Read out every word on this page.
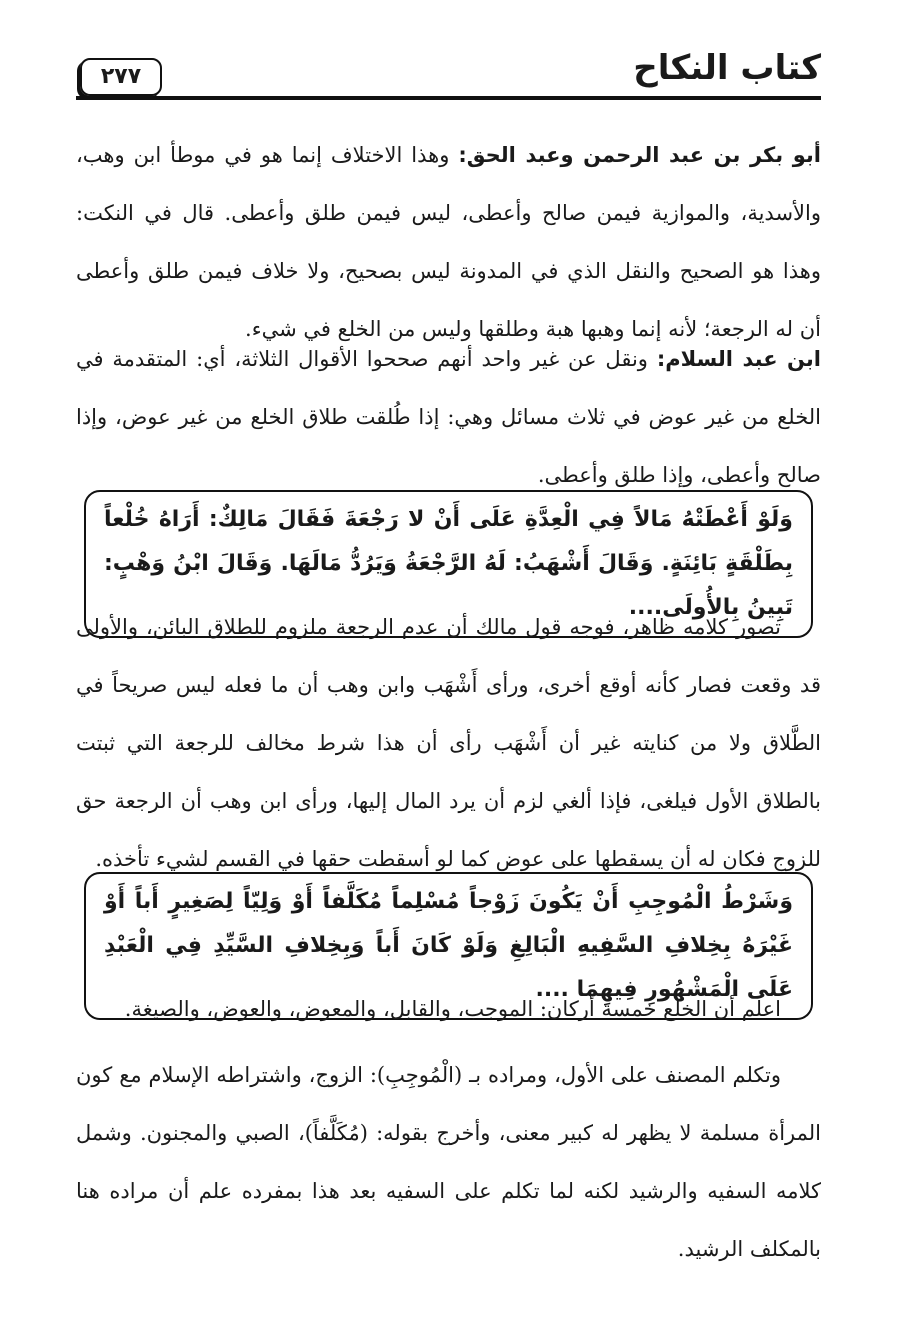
كتاب النكاح
٢٧٧
أبو بكر بن عبد الرحمن وعبد الحق: وهذا الاختلاف إنما هو في موطأ ابن وهب، والأسدية، والموازية فيمن صالح وأعطى، ليس فيمن طلق وأعطى. قال في النكت: وهذا هو الصحيح والنقل الذي في المدونة ليس بصحيح، ولا خلاف فيمن طلق وأعطى أن له الرجعة؛ لأنه إنما وهبها هبة وطلقها وليس من الخلع في شيء.
ابن عبد السلام: ونقل عن غير واحد أنهم صححوا الأقوال الثلاثة، أي: المتقدمة في الخلع من غير عوض في ثلاث مسائل وهي: إذا طُلقت طلاق الخلع من غير عوض، وإذا صالح وأعطى، وإذا طلق وأعطى.
وَلَوْ أَعْطَتْهُ مَالاً فِي الْعِدَّةِ عَلَى أَنْ لا رَجْعَةَ فَقَالَ مَالِكٌ: أَرَاهُ خُلْعاً بِطَلْقَةٍ بَائِنَةٍ. وَقَالَ أَشْهَبُ: لَهُ الرَّجْعَةُ وَيَرُدُّ مَالَهَا. وَقَالَ ابْنُ وَهْبٍ: تَبِينُ بِالأُولَى....
تصور كلامه ظاهر، فوجه قول مالك أن عدم الرجعة ملزوم للطلاق البائن، والأولى قد وقعت فصار كأنه أوقع أخرى، ورأى أَشْهَب وابن وهب أن ما فعله ليس صريحاً في الطَّلاق ولا من كنايته غير أن أَشْهَب رأى أن هذا شرط مخالف للرجعة التي ثبتت بالطلاق الأول فيلغى، فإذا ألغي لزم أن يرد المال إليها، ورأى ابن وهب أن الرجعة حق للزوج فكان له أن يسقطها على عوض كما لو أسقطت حقها في القسم لشيء تأخذه.
وَشَرْطُ الْمُوجِبِ أَنْ يَكُونَ زَوْجاً مُسْلِماً مُكَلَّفاً أَوْ وَلِيّاً لِصَغِيرٍ أَباً أَوْ غَيْرَهُ بِخِلافِ السَّفِيهِ الْبَالِغِ وَلَوْ كَانَ أَباً وَبِخِلافِ السَّيِّدِ فِي الْعَبْدِ عَلَى الْمَشْهُورِ فِيهِمَا ....
اعلم أن الخلع خمسة أركان: الموجب، والقابل، والمعوض، والعوض، والصيغة.
وتكلم المصنف على الأول، ومراده بـ (الْمُوجِبِ): الزوج، واشتراطه الإسلام مع كون المرأة مسلمة لا يظهر له كبير معنى، وأخرج بقوله: (مُكَلَّفاً)، الصبي والمجنون. وشمل كلامه السفيه والرشيد لكنه لما تكلم على السفيه بعد هذا بمفرده علم أن مراده هنا بالمكلف الرشيد.
